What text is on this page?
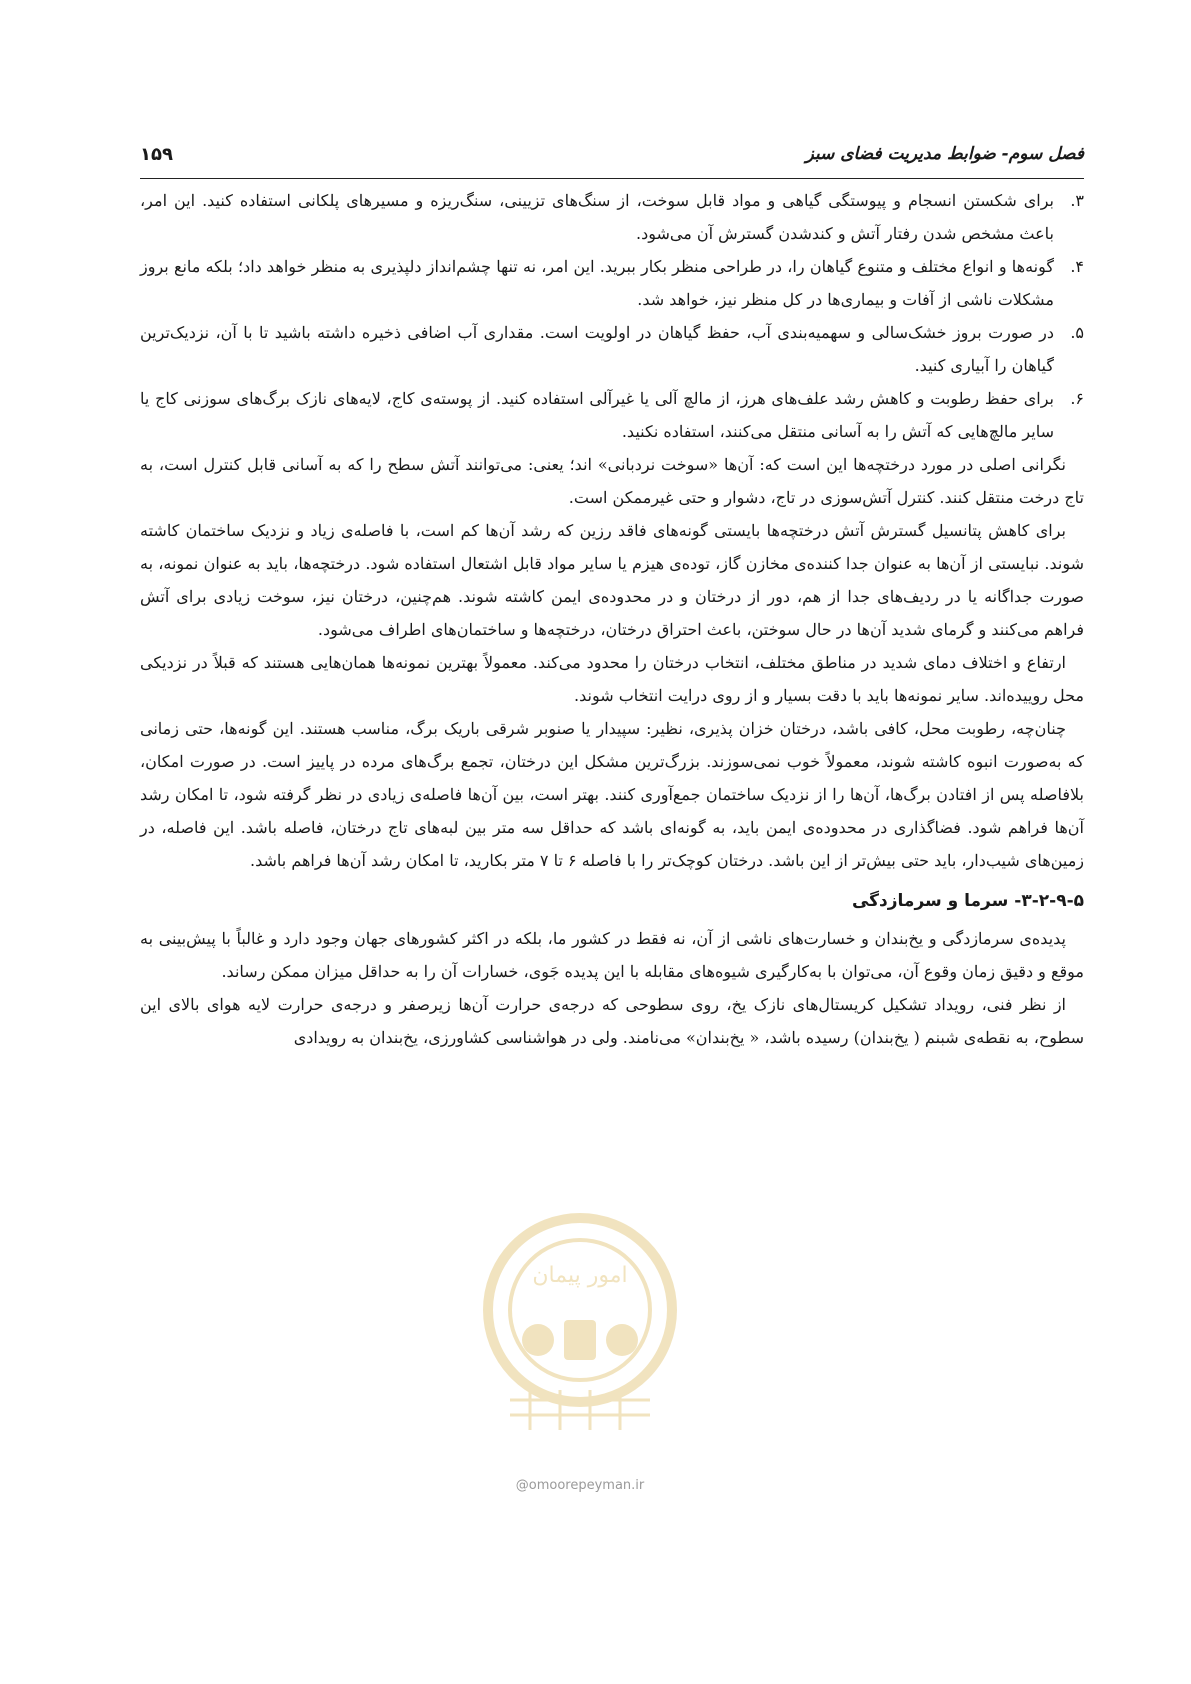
فصل سوم- ضوابط مدیریت فضای سبز
۱۵۹
۳.
برای شکستن انسجام و پیوستگی گیاهی و مواد قابل سوخت، از سنگ‌های تزیینی، سنگ‌ریزه و مسیرهای پلکانی استفاده کنید. این امر، باعث مشخص شدن رفتار آتش و کندشدن گسترش آن می‌شود.
۴.
گونه‌ها و انواع مختلف و متنوع گیاهان را، در طراحی منظر بکار ببرید. این امر، نه تنها چشم‌انداز دلپذیری به منظر خواهد داد؛ بلکه مانع بروز مشکلات ناشی از آفات و بیماری‌ها در کل منظر نیز، خواهد شد.
۵.
در صورت بروز خشک‌سالی و سهمیه‌بندی آب، حفظ گیاهان در اولویت است. مقداری آب اضافی ذخیره داشته باشید تا با آن، نزدیک‌ترین گیاهان را آبیاری کنید.
۶.
برای حفظ رطوبت و کاهش رشد علف‌های هرز، از مالچ آلی یا غیرآلی استفاده کنید. از پوسته‌ی کاج، لایه‌های نازک برگ‌های سوزنی کاج یا سایر مالچ‌هایی که آتش را به آسانی منتقل می‌کنند، استفاده نکنید.

نگرانی اصلی در مورد درختچه‌ها این است که: آن‌ها «سوخت نردبانی» اند؛ یعنی: می‌توانند آتش سطح را که به آسانی قابل کنترل است، به تاج درخت منتقل کنند. کنترل آتش‌سوزی در تاج، دشوار و حتی غیرممکن است.

برای کاهش پتانسیل گسترش آتش درختچه‌ها بایستی گونه‌های فاقد رزین که رشد آن‌ها کم است، با فاصله‌ی زیاد و نزدیک ساختمان کاشته شوند. نبایستی از آن‌ها به عنوان جدا کننده‌ی مخازن گاز، توده‌ی هیزم یا سایر مواد قابل اشتعال استفاده شود. درختچه‌ها، باید به عنوان نمونه، به صورت جداگانه یا در ردیف‌های جدا از هم، دور از درختان و در محدوده‌ی ایمن کاشته شوند. هم‌چنین، درختان نیز، سوخت زیادی برای آتش فراهم می‌کنند و گرمای شدید آن‌ها در حال سوختن، باعث احتراق درختان، درختچه‌ها و ساختمان‌های اطراف می‌شود.

ارتفاع و اختلاف دمای شدید در مناطق مختلف، انتخاب درختان را محدود می‌کند. معمولاً بهترین نمونه‌ها همان‌هایی هستند که قبلاً در نزدیکی محل روییده‌اند. سایر نمونه‌ها باید با دقت بسیار و از روی درایت انتخاب شوند.

چنان‌چه، رطوبت محل، کافی باشد، درختان خزان پذیری، نظیر: سپیدار یا صنوبر شرقی باریک برگ، مناسب هستند. این گونه‌ها، حتی زمانی که به‌صورت انبوه کاشته شوند، معمولاً خوب نمی‌سوزند. بزرگ‌ترین مشکل این درختان، تجمع برگ‌های مرده در پاییز است. در صورت امکان، بلافاصله پس از افتادن برگ‌ها، آن‌ها را از نزدیک ساختمان جمع‌آوری کنند. بهتر است، بین آن‌ها فاصله‌ی زیادی در نظر گرفته شود، تا امکان رشد آن‌ها فراهم شود. فضاگذاری در محدوده‌ی ایمن باید، به گونه‌ای باشد که حداقل سه متر بین لبه‌های تاج درختان، فاصله باشد. این فاصله، در زمین‌های شیب‌دار، باید حتی بیش‌تر از این باشد. درختان کوچک‌تر را با فاصله ۶ تا ۷ متر بکارید، تا امکان رشد آن‌ها فراهم باشد.

۳-۲-۹-۵- سرما و سرمازدگی

پدیده‌ی سرمازدگی و یخ‌بندان و خسارت‌های ناشی از آن، نه فقط در کشور ما، بلکه در اکثر کشورهای جهان وجود دارد و غالباً با پیش‌بینی به موقع و دقیق زمان وقوع آن، می‌توان با به‌کارگیری شیوه‌های مقابله با این پدیده جَوی، خسارات آن را به حداقل میزان ممکن رساند.

از نظر فنی، رویداد تشکیل کریستال‌های نازک یخ، روی سطوحی که درجه‌ی حرارت آن‌ها زیرصفر و درجه‌ی حرارت لایه هوای بالای این سطوح، به نقطه‌ی شبنم ( یخ‌بندان) رسیده باشد، « یخ‌بندان» می‌نامند. ولی در هواشناسی کشاورزی، یخ‌بندان به رویدادی

امور پیمان
@omoorepeyman.ir
